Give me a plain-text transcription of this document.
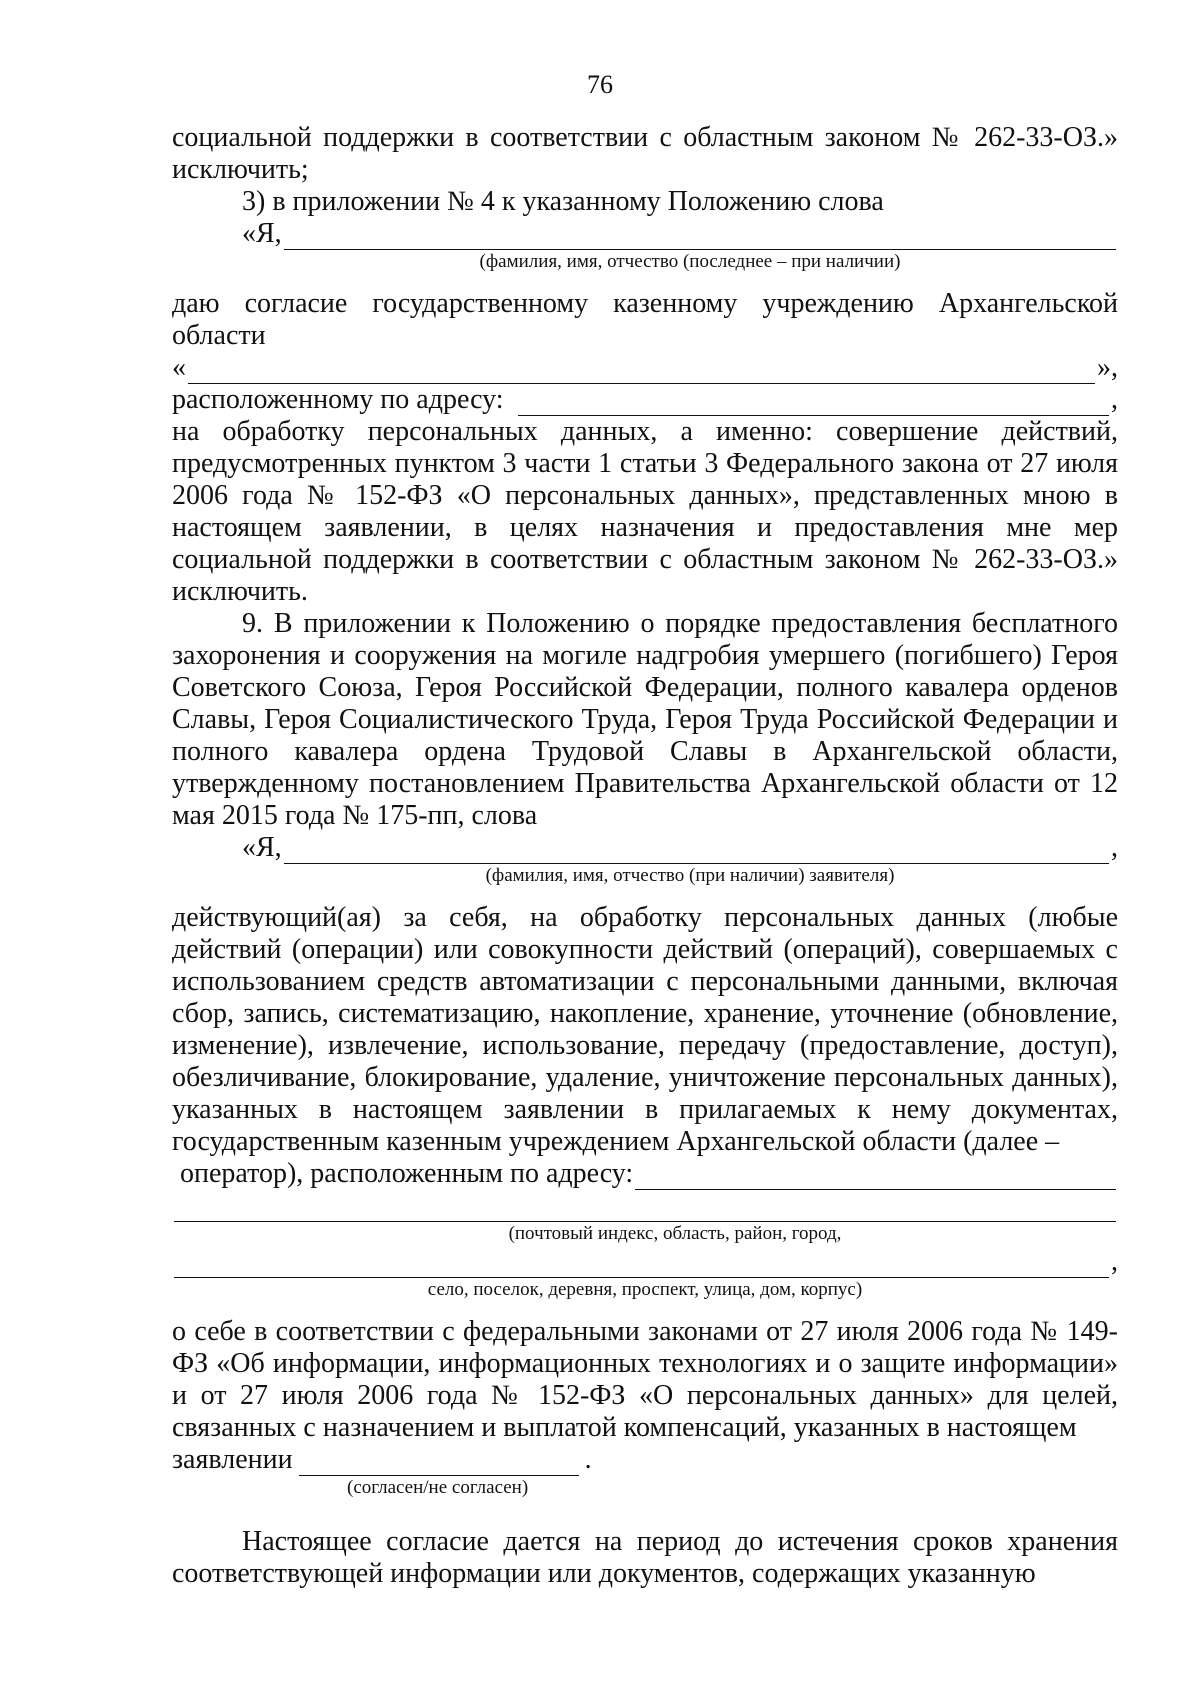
76

социальной поддержки в соответствии с областным законом № 262-33-ОЗ.» исключить;

3) в приложении № 4 к указанному Положению слова

«Я,
(фамилия, имя, отчество (последнее – при наличии)

даю согласие государственному казенному учреждению Архангельской области

«	»,
расположенному по адресу:	,

на обработку персональных данных, а именно: совершение действий, предусмотренных пунктом 3 части 1 статьи 3 Федерального закона от 27 июля 2006 года № 152-ФЗ «О персональных данных», представленных мною в настоящем заявлении, в целях назначения и предоставления мне мер социальной поддержки в соответствии с областным законом № 262-33-ОЗ.» исключить.

9. В приложении к Положению о порядке предоставления бесплатного захоронения и сооружения на могиле надгробия умершего (погибшего) Героя Советского Союза, Героя Российской Федерации, полного кавалера орденов Славы, Героя Социалистического Труда, Героя Труда Российской Федерации и полного кавалера ордена Трудовой Славы в Архангельской области, утвержденному постановлением Правительства Архангельской области от 12 мая 2015 года № 175-пп, слова

«Я,	,
(фамилия, имя, отчество (при наличии) заявителя)

действующий(ая) за себя, на обработку персональных данных (любые действий (операции) или совокупности действий (операций), совершаемых с использованием средств автоматизации с персональными данными, включая сбор, запись, систематизацию, накопление, хранение, уточнение (обновление, изменение), извлечение, использование, передачу (предоставление, доступ), обезличивание, блокирование, удаление, уничтожение персональных данных), указанных в настоящем заявлении в прилагаемых к нему документах, государственным казенным учреждением Архангельской области (далее –

оператор), расположенным по адресу:
(почтовый индекс, область, район, город,
,
село, поселок, деревня, проспект, улица, дом, корпус)

о себе в соответствии с федеральными законами от 27 июля 2006 года № 149-ФЗ «Об информации, информационных технологиях и о защите информации» и от 27 июля 2006 года № 152-ФЗ «О персональных данных» для целей, связанных с назначением и выплатой компенсаций, указанных в настоящем

заявлении	.
(согласен/не согласен)

Настоящее согласие дается на период до истечения сроков хранения соответствующей информации или документов, содержащих указанную
